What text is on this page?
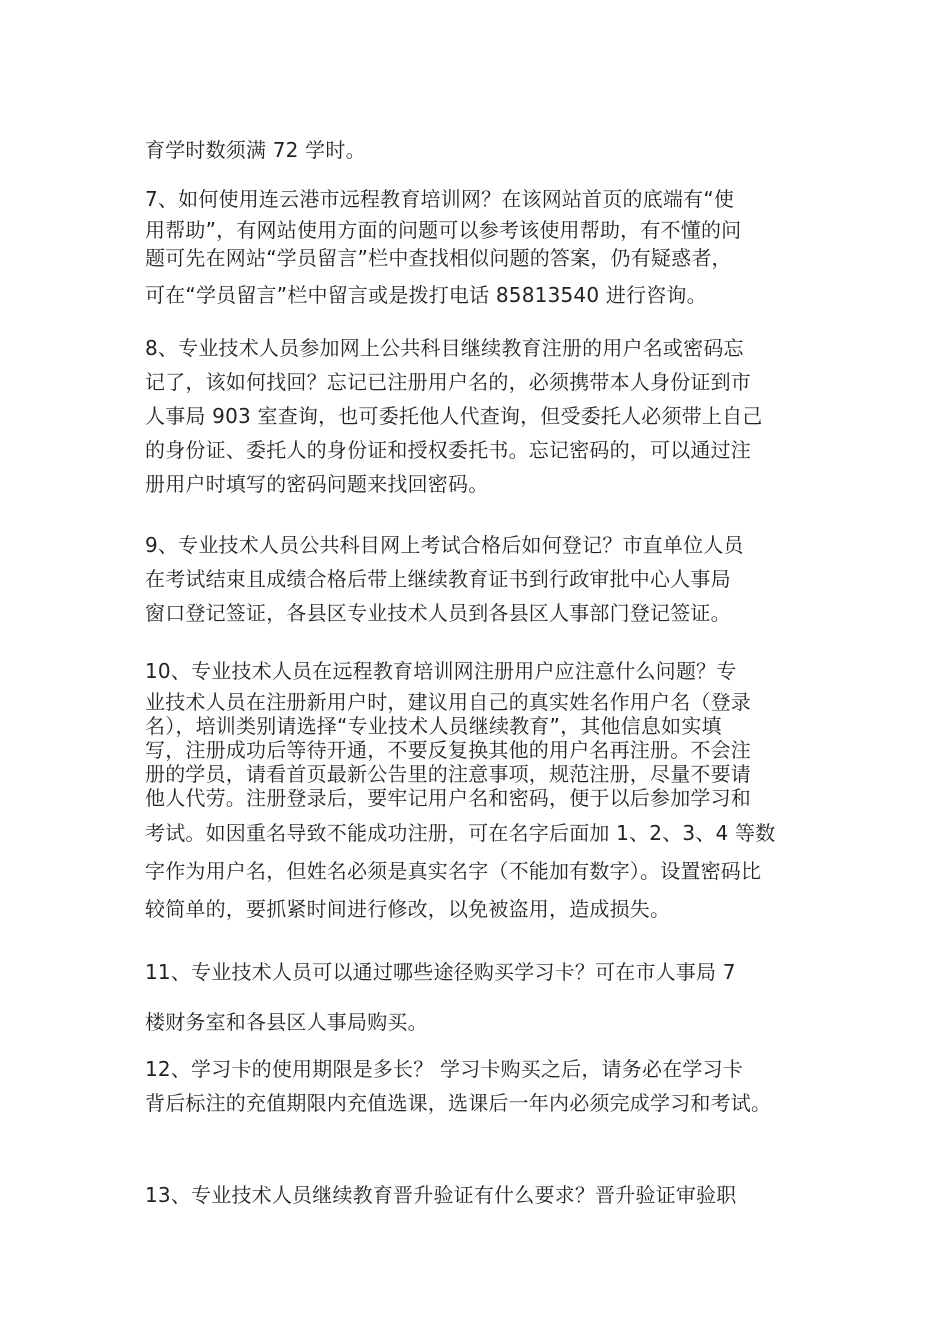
育学时数须满 72 学时。
7、如何使用连云港市远程教育培训网？在该网站首页的底端有“使
用帮助”，有网站使用方面的问题可以参考该使用帮助，有不懂的问
题可先在网站“学员留言”栏中查找相似问题的答案，仍有疑惑者，
可在“学员留言”栏中留言或是拨打电话 85813540 进行咨询。
8、专业技术人员参加网上公共科目继续教育注册的用户名或密码忘
记了，该如何找回？忘记已注册用户名的，必须携带本人身份证到市
人事局 903 室查询，也可委托他人代查询，但受委托人必须带上自己
的身份证、委托人的身份证和授权委托书。忘记密码的，可以通过注
册用户时填写的密码问题来找回密码。
9、专业技术人员公共科目网上考试合格后如何登记？市直单位人员
在考试结束且成绩合格后带上继续教育证书到行政审批中心人事局
窗口登记签证，各县区专业技术人员到各县区人事部门登记签证。
10、专业技术人员在远程教育培训网注册用户应注意什么问题？专
业技术人员在注册新用户时，建议用自己的真实姓名作用户名（登录
名），培训类别请选择“专业技术人员继续教育”，其他信息如实填
写，注册成功后等待开通，不要反复换其他的用户名再注册。不会注
册的学员，请看首页最新公告里的注意事项，规范注册，尽量不要请
他人代劳。注册登录后，要牢记用户名和密码，便于以后参加学习和
考试。如因重名导致不能成功注册，可在名字后面加 1、2、3、4 等数
字作为用户名，但姓名必须是真实名字（不能加有数字）。设置密码比
较简单的，要抓紧时间进行修改，以免被盗用，造成损失。
11、专业技术人员可以通过哪些途径购买学习卡？可在市人事局 7
楼财务室和各县区人事局购买。
12、学习卡的使用期限是多长？ 学习卡购买之后，请务必在学习卡
背后标注的充值期限内充值选课，选课后一年内必须完成学习和考试。
13、专业技术人员继续教育晋升验证有什么要求？晋升验证审验职
